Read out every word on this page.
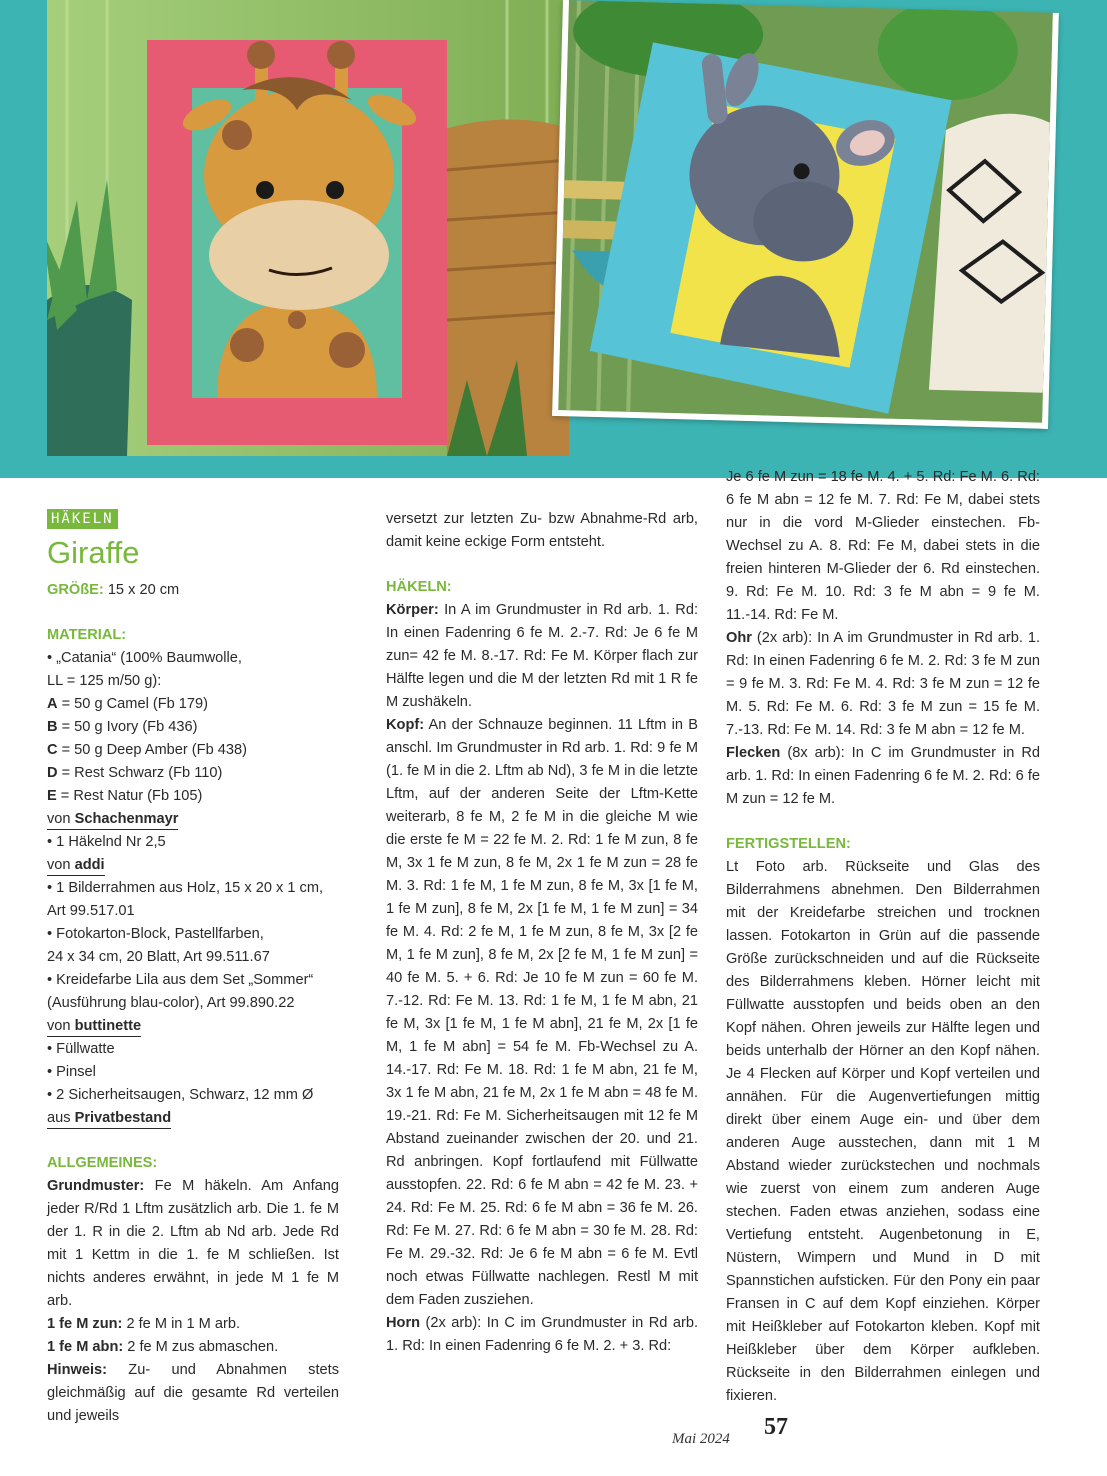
HÄKELN
Giraffe

GRÖßE: 15 x 20 cm

MATERIAL:

• „Catania“ (100% Baumwolle,

LL = 125 m/50 g):

A = 50 g Camel (Fb 179)

B = 50 g Ivory (Fb 436)

C = 50 g Deep Amber (Fb 438)

D = Rest Schwarz (Fb 110)

E = Rest Natur (Fb 105)

von Schachenmayr

• 1 Häkelnd Nr 2,5

von addi

• 1 Bilderrahmen aus Holz, 15 x 20 x 1 cm,

Art 99.517.01

• Fotokarton-Block, Pastellfarben,

24 x 34 cm, 20 Blatt, Art 99.511.67

• Kreidefarbe Lila aus dem Set „Sommer“

(Ausführung blau-color), Art 99.890.22

von buttinette

• Füllwatte

• Pinsel

• 2 Sicherheitsaugen, Schwarz, 12 mm Ø

aus Privatbestand

ALLGEMEINES:

Grundmuster: Fe M häkeln. Am Anfang jeder R/Rd 1 Lftm zusätzlich arb. Die 1. fe M der 1. R in die 2. Lftm ab Nd arb. Jede Rd mit 1 Kettm in die 1. fe M schließen. Ist nichts anderes erwähnt, in jede M 1 fe M arb.

1 fe M zun: 2 fe M in 1 M arb.

1 fe M abn: 2 fe M zus abmaschen.

Hinweis: Zu- und Abnahmen stets gleichmäßig auf die gesamte Rd verteilen und jeweils

versetzt zur letzten Zu- bzw Abnahme-Rd arb, damit keine eckige Form entsteht.

HÄKELN:

Körper: In A im Grundmuster in Rd arb. 1. Rd: In einen Fadenring 6 fe M. 2.-7. Rd: Je 6 fe M zun= 42 fe M. 8.-17. Rd: Fe M. Körper flach zur Hälfte legen und die M der letzten Rd mit 1 R fe M zushäkeln.

Kopf: An der Schnauze beginnen. 11 Lftm in B anschl. Im Grundmuster in Rd arb. 1. Rd: 9 fe M (1. fe M in die 2. Lftm ab Nd), 3 fe M in die letzte Lftm, auf der anderen Seite der Lftm-Kette weiterarb, 8 fe M, 2 fe M in die gleiche M wie die erste fe M = 22 fe M. 2. Rd: 1 fe M zun, 8 fe M, 3x 1 fe M zun, 8 fe M, 2x 1 fe M zun = 28 fe M. 3. Rd: 1 fe M, 1 fe M zun, 8 fe M, 3x [1 fe M, 1 fe M zun], 8 fe M, 2x [1 fe M, 1 fe M zun] = 34 fe M. 4. Rd: 2 fe M, 1 fe M zun, 8 fe M, 3x [2 fe M, 1 fe M zun], 8 fe M, 2x [2 fe M, 1 fe M zun] = 40 fe M. 5. + 6. Rd: Je 10 fe M zun = 60 fe M. 7.-12. Rd: Fe M. 13. Rd: 1 fe M, 1 fe M abn, 21 fe M, 3x [1 fe M, 1 fe M abn], 21 fe M, 2x [1 fe M, 1 fe M abn] = 54 fe M. Fb-Wechsel zu A. 14.-17. Rd: Fe M. 18. Rd: 1 fe M abn, 21 fe M, 3x 1 fe M abn, 21 fe M, 2x 1 fe M abn = 48 fe M. 19.-21. Rd: Fe M. Sicherheitsaugen mit 12 fe M Abstand zueinander zwischen der 20. und 21. Rd anbringen. Kopf fortlaufend mit Füllwatte ausstopfen. 22. Rd: 6 fe M abn = 42 fe M. 23. + 24. Rd: Fe M. 25. Rd: 6 fe M abn = 36 fe M. 26. Rd: Fe M. 27. Rd: 6 fe M abn = 30 fe M. 28. Rd: Fe M. 29.-32. Rd: Je 6 fe M abn = 6 fe M. Evtl noch etwas Füllwatte nachlegen. Restl M mit dem Faden zusziehen.

Horn (2x arb): In C im Grundmuster in Rd arb. 1. Rd: In einen Fadenring 6 fe M. 2. + 3. Rd:

Je 6 fe M zun = 18 fe M. 4. + 5. Rd: Fe M. 6. Rd: 6 fe M abn = 12 fe M. 7. Rd: Fe M, dabei stets nur in die vord M-Glieder einstechen. Fb-Wechsel zu A. 8. Rd: Fe M, dabei stets in die freien hinteren M-Glieder der 6. Rd einstechen. 9. Rd: Fe M. 10. Rd: 3 fe M abn = 9 fe M. 11.-14. Rd: Fe M.

Ohr (2x arb): In A im Grundmuster in Rd arb. 1. Rd: In einen Fadenring 6 fe M. 2. Rd: 3 fe M zun = 9 fe M. 3. Rd: Fe M. 4. Rd: 3 fe M zun = 12 fe M. 5. Rd: Fe M. 6. Rd: 3 fe M zun = 15 fe M. 7.-13. Rd: Fe M. 14. Rd: 3 fe M abn = 12 fe M.

Flecken (8x arb): In C im Grundmuster in Rd arb. 1. Rd: In einen Fadenring 6 fe M. 2. Rd: 6 fe M zun = 12 fe M.

FERTIGSTELLEN:

Lt Foto arb. Rückseite und Glas des Bilderrahmens abnehmen. Den Bilderrahmen mit der Kreidefarbe streichen und trocknen lassen. Fotokarton in Grün auf die passende Größe zurückschneiden und auf die Rückseite des Bilderrahmens kleben. Hörner leicht mit Füllwatte ausstopfen und beids oben an den Kopf nähen. Ohren jeweils zur Hälfte legen und beids unterhalb der Hörner an den Kopf nähen. Je 4 Flecken auf Körper und Kopf verteilen und annähen. Für die Augenvertiefungen mittig direkt über einem Auge ein- und über dem anderen Auge ausstechen, dann mit 1 M Abstand wieder zurückstechen und nochmals wie zuerst von einem zum anderen Auge stechen. Faden etwas anziehen, sodass eine Vertiefung entsteht. Augenbetonung in E, Nüstern, Wimpern und Mund in D mit Spannstichen aufsticken. Für den Pony ein paar Fransen in C auf dem Kopf einziehen. Körper mit Heißkleber auf Fotokarton kleben. Kopf mit Heißkleber über dem Körper aufkleben. Rückseite in den Bilderrahmen einlegen und fixieren.

Mai 2024 57
